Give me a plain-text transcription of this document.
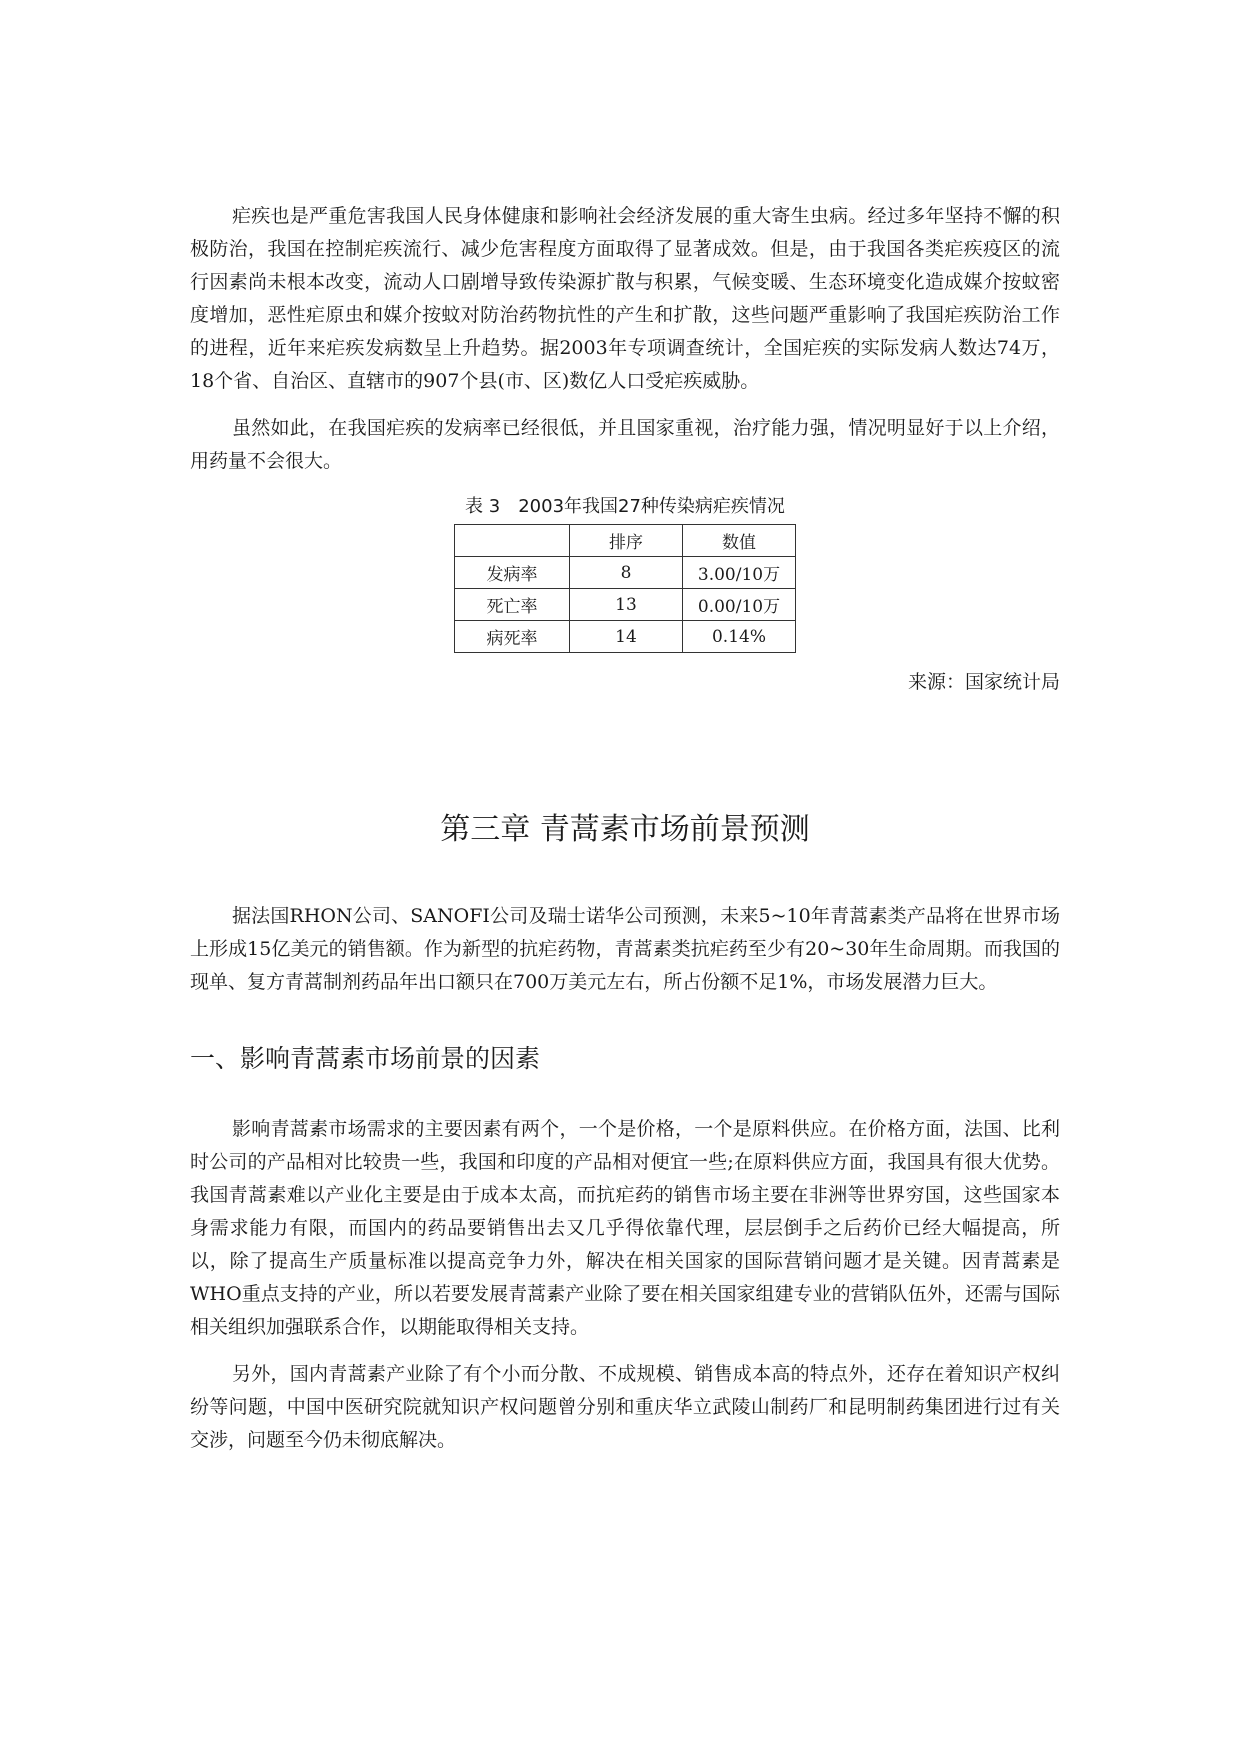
疟疾也是严重危害我国人民身体健康和影响社会经济发展的重大寄生虫病。经过多年坚持不懈的积极防治，我国在控制疟疾流行、减少危害程度方面取得了显著成效。但是，由于我国各类疟疾疫区的流行因素尚未根本改变，流动人口剧增导致传染源扩散与积累，气候变暖、生态环境变化造成媒介按蚊密度增加，恶性疟原虫和媒介按蚊对防治药物抗性的产生和扩散，这些问题严重影响了我国疟疾防治工作的进程，近年来疟疾发病数呈上升趋势。据2003年专项调查统计，全国疟疾的实际发病人数达74万， 18个省、自治区、直辖市的907个县(市、区)数亿人口受疟疾威胁。

虽然如此，在我国疟疾的发病率已经很低，并且国家重视，治疗能力强，情况明显好于以上介绍，用药量不会很大。

表 3　2003年我国27种传染病疟疾情况
	排序	数值
发病率	8	3.00/10万
死亡率	13	0.00/10万
病死率	14	0.14%
来源：国家统计局
第三章 青蒿素市场前景预测

据法国RHON公司、SANOFI公司及瑞士诺华公司预测，未来5~10年青蒿素类产品将在世界市场上形成15亿美元的销售额。作为新型的抗疟药物，青蒿素类抗疟药至少有20~30年生命周期。而我国的现单、复方青蒿制剂药品年出口额只在700万美元左右，所占份额不足1%，市场发展潜力巨大。

一、影响青蒿素市场前景的因素

影响青蒿素市场需求的主要因素有两个，一个是价格，一个是原料供应。在价格方面，法国、比利时公司的产品相对比较贵一些，我国和印度的产品相对便宜一些;在原料供应方面，我国具有很大优势。我国青蒿素难以产业化主要是由于成本太高，而抗疟药的销售市场主要在非洲等世界穷国，这些国家本身需求能力有限，而国内的药品要销售出去又几乎得依靠代理，层层倒手之后药价已经大幅提高，所以，除了提高生产质量标准以提高竞争力外，解决在相关国家的国际营销问题才是关键。因青蒿素是WHO重点支持的产业，所以若要发展青蒿素产业除了要在相关国家组建专业的营销队伍外，还需与国际相关组织加强联系合作，以期能取得相关支持。

另外，国内青蒿素产业除了有个小而分散、不成规模、销售成本高的特点外，还存在着知识产权纠纷等问题，中国中医研究院就知识产权问题曾分别和重庆华立武陵山制药厂和昆明制药集团进行过有关交涉，问题至今仍未彻底解决。
